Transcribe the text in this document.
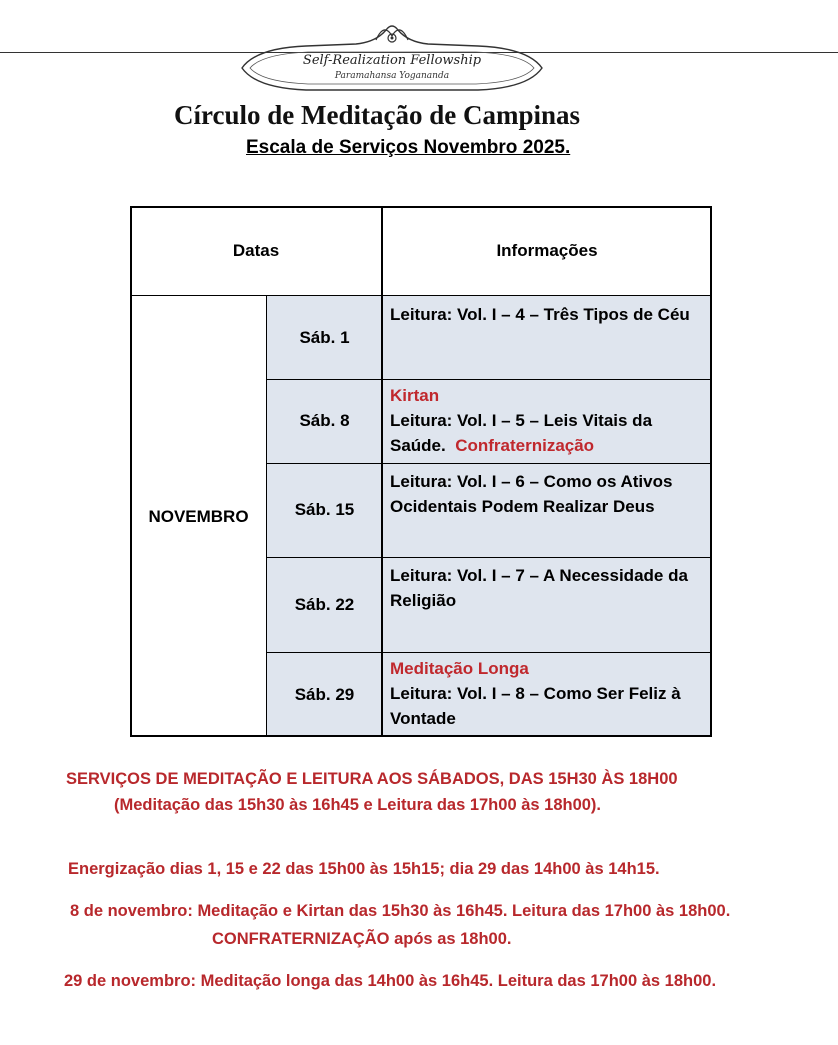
Self-Realization Fellowship
Paramahansa Yogananda
Círculo de Meditação de Campinas
Escala de Serviços Novembro 2025.
Datas	Informações
NOVEMBRO
Sáb. 1
Leitura: Vol. I – 4 – Três Tipos de Céu
Sáb. 8
Kirtan
Leitura: Vol. I – 5 – Leis Vitais da Saúde. Confraternização
Sáb. 15
Leitura: Vol. I – 6 – Como os Ativos Ocidentais Podem Realizar Deus
Sáb. 22
Leitura: Vol. I – 7 – A Necessidade da Religião
Sáb. 29
Meditação Longa
Leitura: Vol. I – 8 – Como Ser Feliz à Vontade
SERVIÇOS DE MEDITAÇÃO E LEITURA AOS SÁBADOS, DAS 15H30 ÀS 18H00
(Meditação das 15h30 às 16h45 e Leitura das 17h00 às 18h00).
Energização dias 1, 15 e 22 das 15h00 às 15h15; dia 29 das 14h00 às 14h15.
8 de novembro: Meditação e Kirtan das 15h30 às 16h45. Leitura das 17h00 às 18h00.
CONFRATERNIZAÇÃO após as 18h00.
29 de novembro: Meditação longa das 14h00 às 16h45. Leitura das 17h00 às 18h00.
